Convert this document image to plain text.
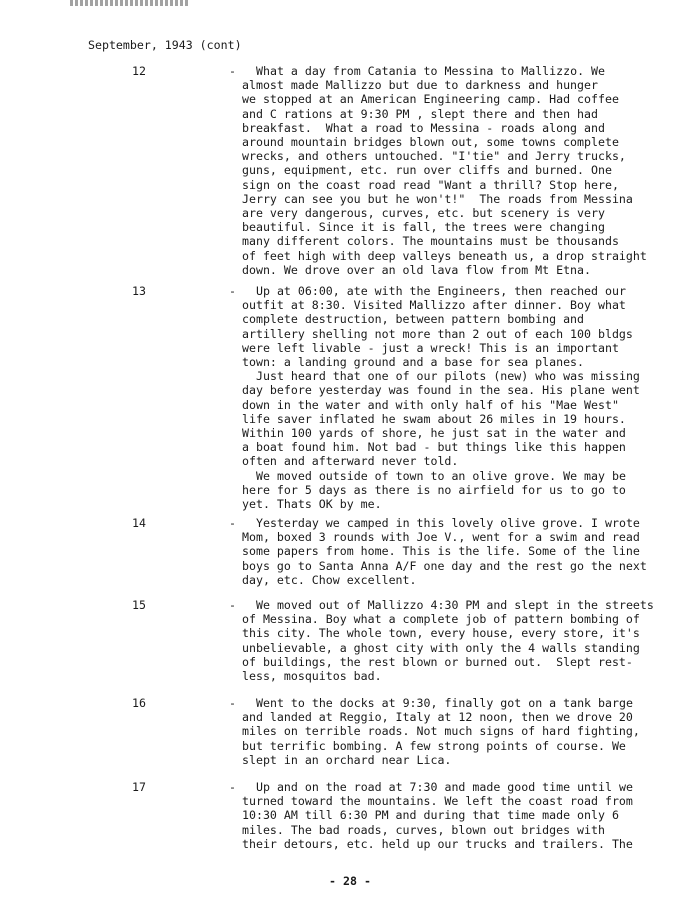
September, 1943 (cont)
12	-	What a day from Catania to Messina to Mallizzo. We
almost made Mallizzo but due to darkness and hunger
we stopped at an American Engineering camp. Had coffee
and C rations at 9:30 PM , slept there and then had
breakfast.  What a road to Messina - roads along and
around mountain bridges blown out, some towns complete
wrecks, and others untouched. "I'tie" and Jerry trucks,
guns, equipment, etc. run over cliffs and burned. One
sign on the coast road read "Want a thrill? Stop here,
Jerry can see you but he won't!"  The roads from Messina
are very dangerous, curves, etc. but scenery is very
beautiful. Since it is fall, the trees were changing
many different colors. The mountains must be thousands
of feet high with deep valleys beneath us, a drop straight
down. We drove over an old lava flow from Mt Etna.
13	-	Up at 06:00, ate with the Engineers, then reached our
outfit at 8:30. Visited Mallizzo after dinner. Boy what
complete destruction, between pattern bombing and
artillery shelling not more than 2 out of each 100 bldgs
were left livable - just a wreck! This is an important
town: a landing ground and a base for sea planes.
Just heard that one of our pilots (new) who was missing
day before yesterday was found in the sea. His plane went
down in the water and with only half of his "Mae West"
life saver inflated he swam about 26 miles in 19 hours.
Within 100 yards of shore, he just sat in the water and
a boat found him. Not bad - but things like this happen
often and afterward never told.
We moved outside of town to an olive grove. We may be
here for 5 days as there is no airfield for us to go to
yet. Thats OK by me.
14	-	Yesterday we camped in this lovely olive grove. I wrote
Mom, boxed 3 rounds with Joe V., went for a swim and read
some papers from home. This is the life. Some of the line
boys go to Santa Anna A/F one day and the rest go the next
day, etc. Chow excellent.
15	-	We moved out of Mallizzo 4:30 PM and slept in the streets
of Messina. Boy what a complete job of pattern bombing of
this city. The whole town, every house, every store, it's
unbelievable, a ghost city with only the 4 walls standing
of buildings, the rest blown or burned out.  Slept rest-
less, mosquitos bad.
16	-	Went to the docks at 9:30, finally got on a tank barge
and landed at Reggio, Italy at 12 noon, then we drove 20
miles on terrible roads. Not much signs of hard fighting,
but terrific bombing. A few strong points of course. We
slept in an orchard near Lica.
17	-	Up and on the road at 7:30 and made good time until we
turned toward the mountains. We left the coast road from
10:30 AM till 6:30 PM and during that time made only 6
miles. The bad roads, curves, blown out bridges with
their detours, etc. held up our trucks and trailers. The
- 28 -
